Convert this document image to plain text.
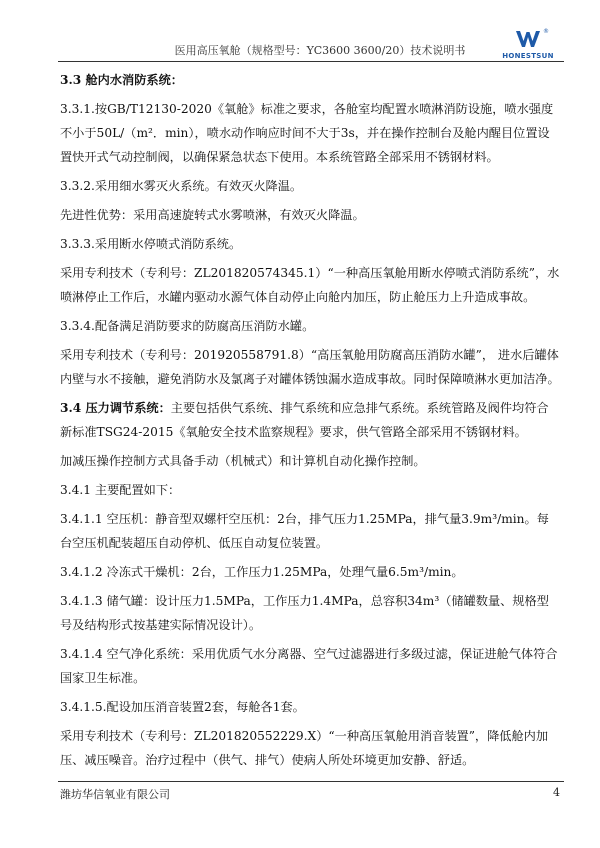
医用高压氧舱（规格型号：YC3600 3600/20）技术说明书
®
HONESTSUN

3.3 舱内水消防系统：

3.3.1.按GB/T12130-2020《氧舱》标准之要求，各舱室均配置水喷淋消防设施，喷水强度不小于50L/（m²．min），喷水动作响应时间不大于3s，并在操作控制台及舱内醒目位置设置快开式气动控制阀，以确保紧急状态下使用。本系统管路全部采用不锈钢材料。

3.3.2.采用细水雾灭火系统。有效灭火降温。

先进性优势：采用高速旋转式水雾喷淋，有效灭火降温。

3.3.3.采用断水停喷式消防系统。

采用专利技术（专利号：ZL201820574345.1）“一种高压氧舱用断水停喷式消防系统”，水喷淋停止工作后，水罐内驱动水源气体自动停止向舱内加压，防止舱压力上升造成事故。

3.3.4.配备满足消防要求的防腐高压消防水罐。

采用专利技术（专利号：201920558791.8）“高压氧舱用防腐高压消防水罐”， 进水后罐体内壁与水不接触，避免消防水及氯离子对罐体锈蚀漏水造成事故。同时保障喷淋水更加洁净。

3.4 压力调节系统：主要包括供气系统、排气系统和应急排气系统。系统管路及阀件均符合新标准TSG24-2015《氧舱安全技术监察规程》要求，供气管路全部采用不锈钢材料。

加减压操作控制方式具备手动（机械式）和计算机自动化操作控制。

3.4.1 主要配置如下：

3.4.1.1 空压机：静音型双螺杆空压机：2台，排气压力1.25MPa，排气量3.9m³/min。每台空压机配装超压自动停机、低压自动复位装置。

3.4.1.2 冷冻式干燥机：2台，工作压力1.25MPa，处理气量6.5m³/min。

3.4.1.3 储气罐：设计压力1.5MPa，工作压力1.4MPa，总容积34m³（储罐数量、规格型号及结构形式按基建实际情况设计）。

3.4.1.4 空气净化系统：采用优质气水分离器、空气过滤器进行多级过滤，保证进舱气体符合国家卫生标准。

3.4.1.5.配设加压消音装置2套，每舱各1套。

采用专利技术（专利号：ZL201820552229.X）“一种高压氧舱用消音装置”，降低舱内加压、减压噪音。治疗过程中（供气、排气）使病人所处环境更加安静、舒适。

潍坊华信氧业有限公司	4
